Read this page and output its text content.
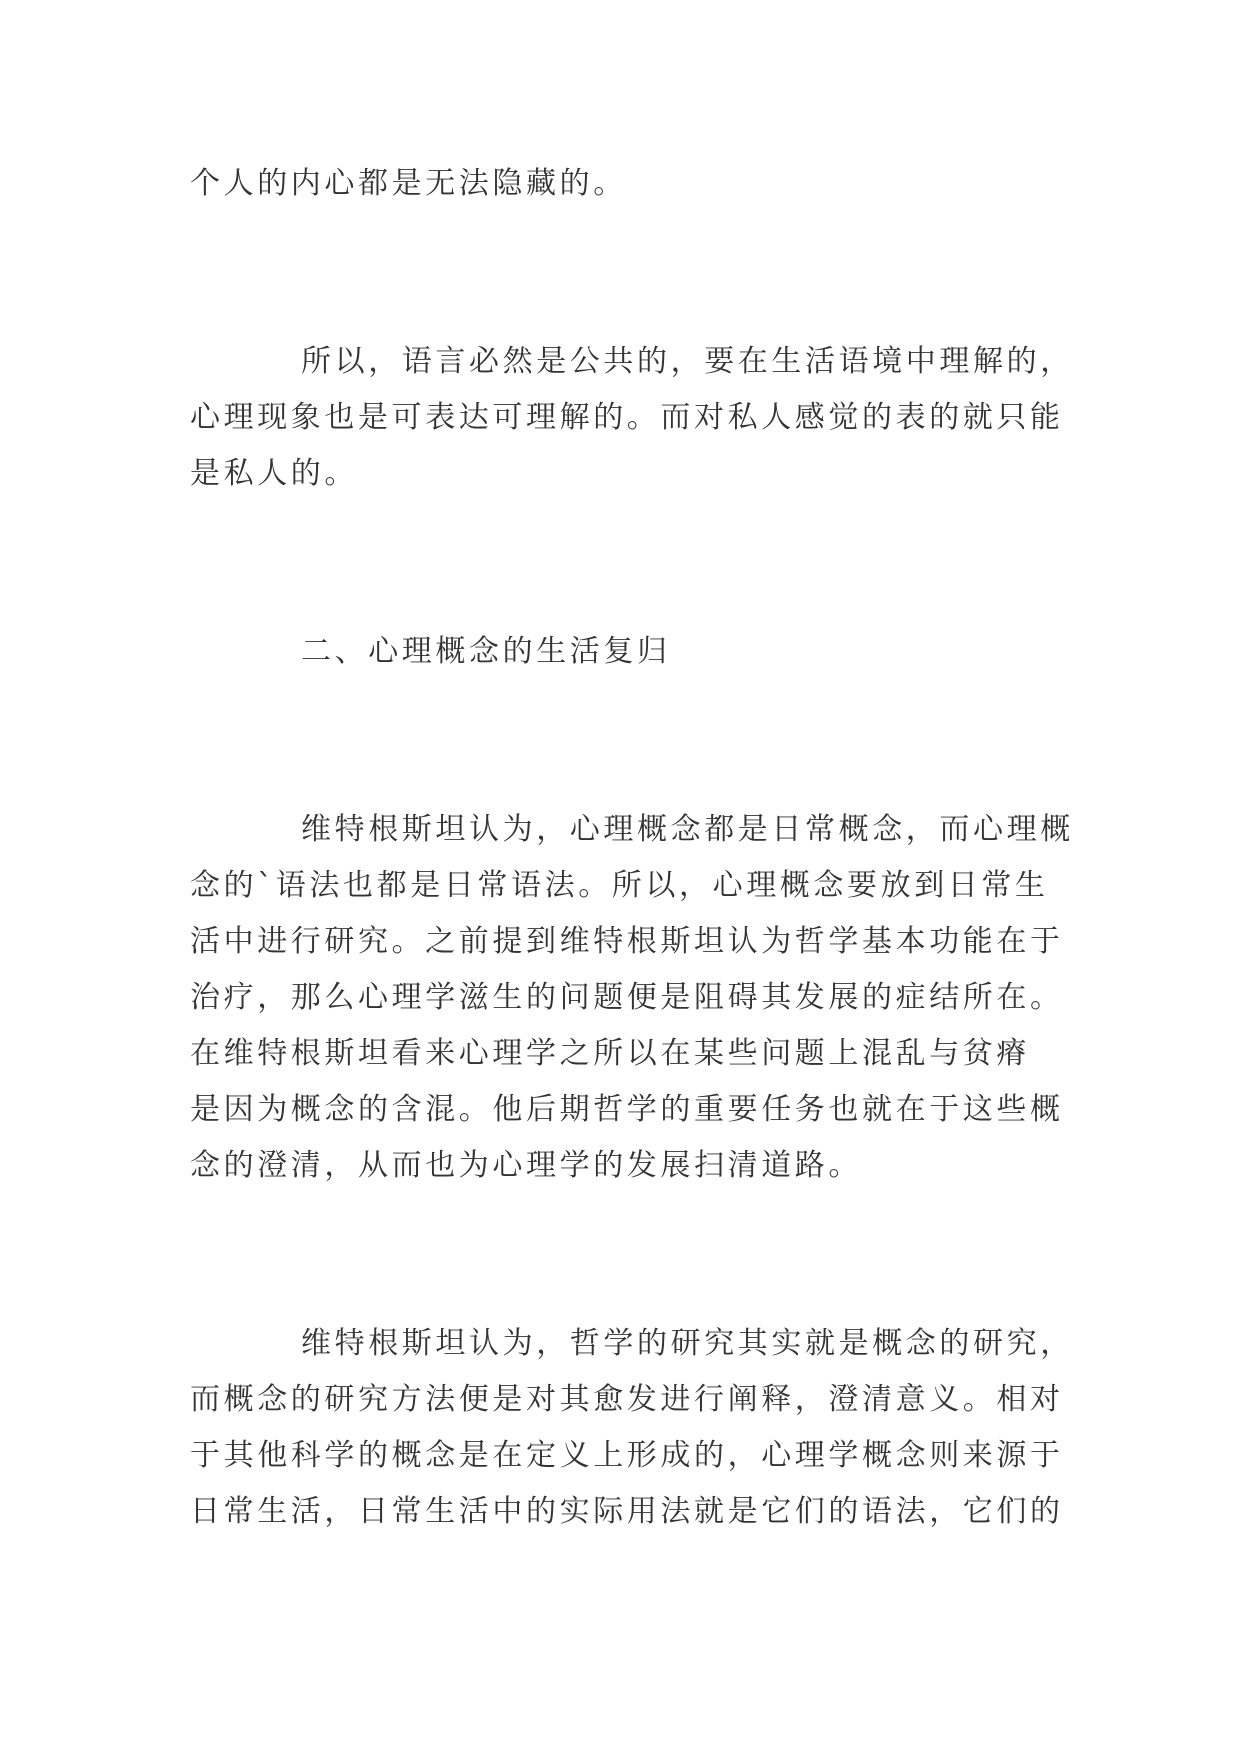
个人的内心都是无法隐藏的。
所以，语言必然是公共的，要在生活语境中理解的，
心理现象也是可表达可理解的。而对私人感觉的表的就只能
是私人的。
二、心理概念的生活复归
维特根斯坦认为，心理概念都是日常概念，而心理概
念的`语法也都是日常语法。所以，心理概念要放到日常生
活中进行研究。之前提到维特根斯坦认为哲学基本功能在于
治疗，那么心理学滋生的问题便是阻碍其发展的症结所在。
在维特根斯坦看来心理学之所以在某些问题上混乱与贫瘠
是因为概念的含混。他后期哲学的重要任务也就在于这些概
念的澄清，从而也为心理学的发展扫清道路。
维特根斯坦认为，哲学的研究其实就是概念的研究，
而概念的研究方法便是对其愈发进行阐释，澄清意义。相对
于其他科学的概念是在定义上形成的，心理学概念则来源于
日常生活，日常生活中的实际用法就是它们的语法，它们的
